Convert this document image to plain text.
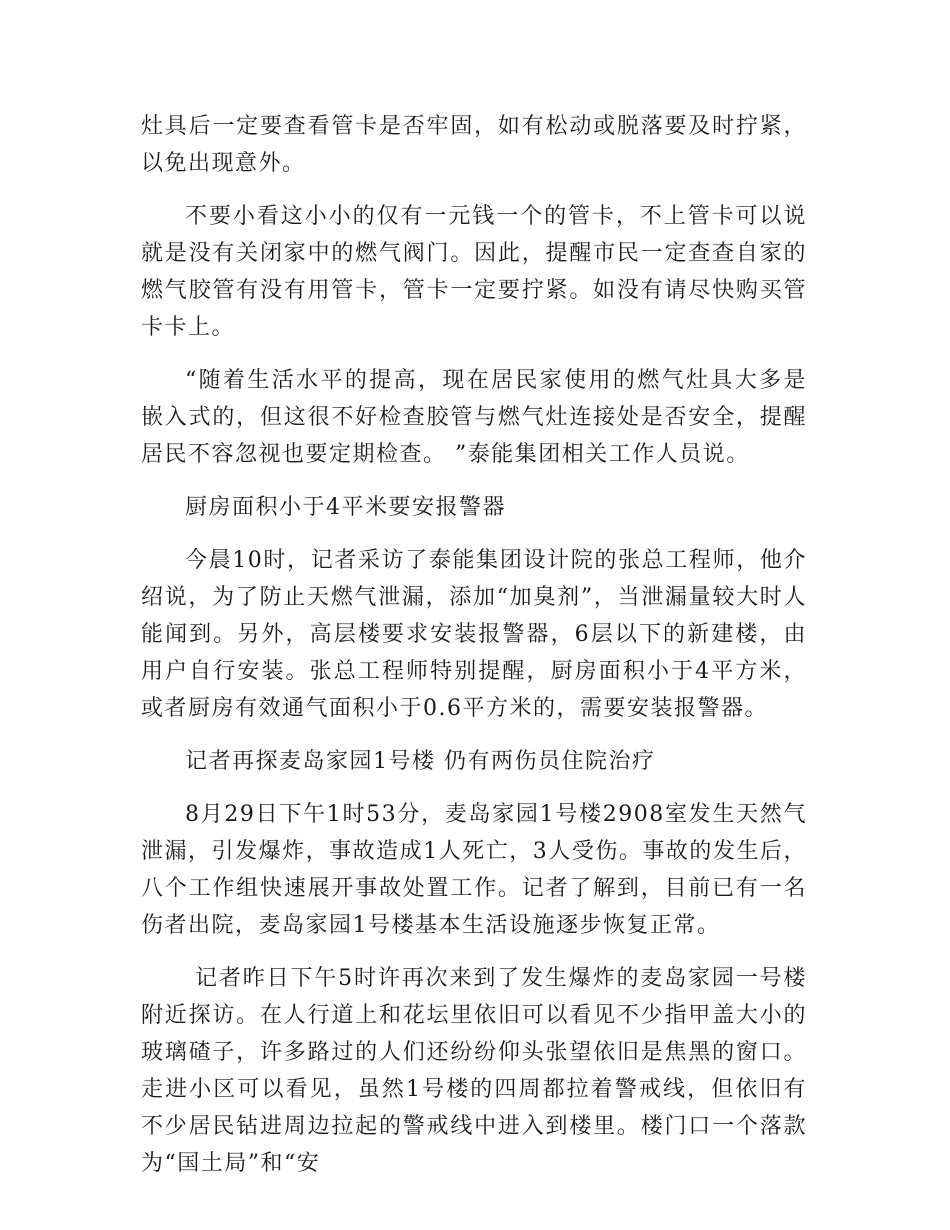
灶具后一定要查看管卡是否牢固，如有松动或脱落要及时拧紧，以免出现意外。

不要小看这小小的仅有一元钱一个的管卡，不上管卡可以说就是没有关闭家中的燃气阀门。因此，提醒市民一定查查自家的燃气胶管有没有用管卡，管卡一定要拧紧。如没有请尽快购买管卡卡上。

“随着生活水平的提高，现在居民家使用的燃气灶具大多是嵌入式的，但这很不好检查胶管与燃气灶连接处是否安全，提醒居民不容忽视也要定期检查。 ”泰能集团相关工作人员说。

厨房面积小于4平米要安报警器

今晨10时，记者采访了泰能集团设计院的张总工程师，他介绍说，为了防止天燃气泄漏，添加“加臭剂”，当泄漏量较大时人能闻到。另外，高层楼要求安装报警器，6层以下的新建楼，由用户自行安装。张总工程师特别提醒，厨房面积小于4平方米，或者厨房有效通气面积小于0.6平方米的，需要安装报警器。

记者再探麦岛家园1号楼 仍有两伤员住院治疗

8月29日下午1时53分，麦岛家园1号楼2908室发生天然气泄漏，引发爆炸，事故造成1人死亡，3人受伤。事故的发生后，八个工作组快速展开事故处置工作。记者了解到，目前已有一名伤者出院，麦岛家园1号楼基本生活设施逐步恢复正常。

记者昨日下午5时许再次来到了发生爆炸的麦岛家园一号楼附近探访。在人行道上和花坛里依旧可以看见不少指甲盖大小的玻璃碴子，许多路过的人们还纷纷仰头张望依旧是焦黑的窗口。走进小区可以看见，虽然1号楼的四周都拉着警戒线，但依旧有不少居民钻进周边拉起的警戒线中进入到楼里。楼门口一个落款为“国土局”和“安
